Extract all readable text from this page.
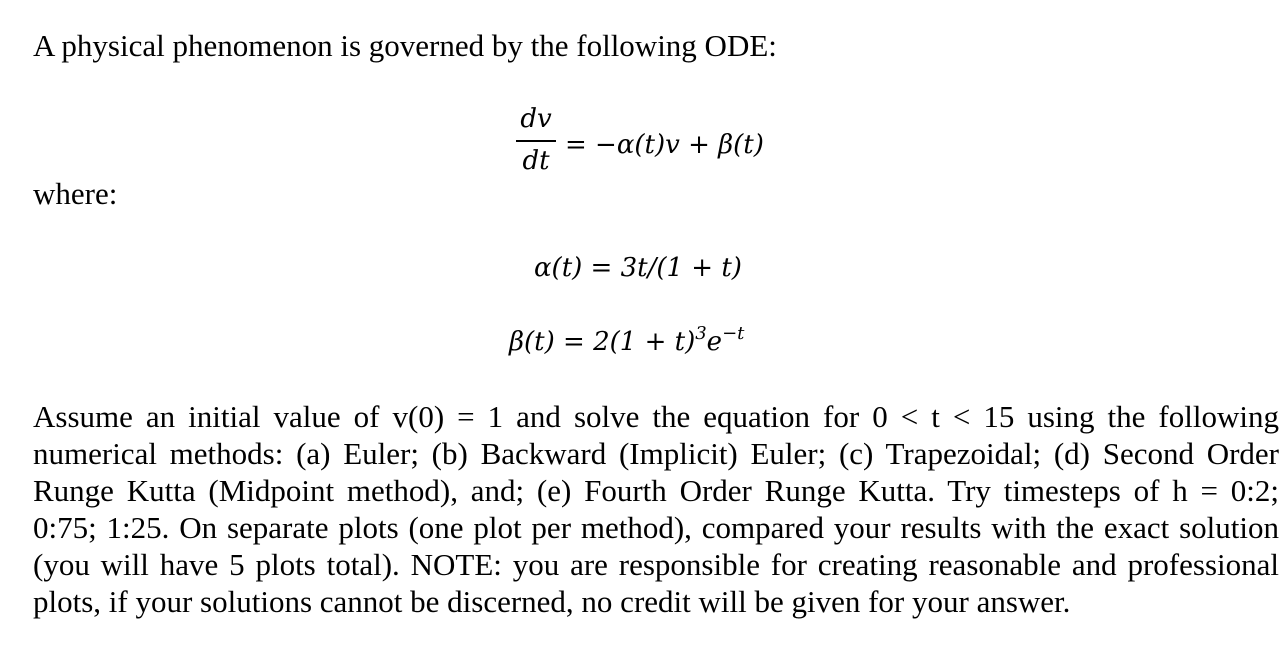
A physical phenomenon is governed by the following ODE:
dv
dt
= −α(t)v + β(t)
where:
α(t) = 3t/(1 + t)
$\beta(t) = 2(1 + t)^3e^{-t}$
Assume an initial value of v(0) = 1 and solve the equation for 0 < t < 15 using the following
numerical methods: (a) Euler; (b) Backward (Implicit) Euler; (c) Trapezoidal; (d) Second Order
Runge Kutta (Midpoint method), and; (e) Fourth Order Runge Kutta. Try timesteps of h = 0:2;
0:75; 1:25. On separate plots (one plot per method), compared your results with the exact solution
(you will have 5 plots total). NOTE: you are responsible for creating reasonable and professional
plots, if your solutions cannot be discerned, no credit will be given for your answer.
